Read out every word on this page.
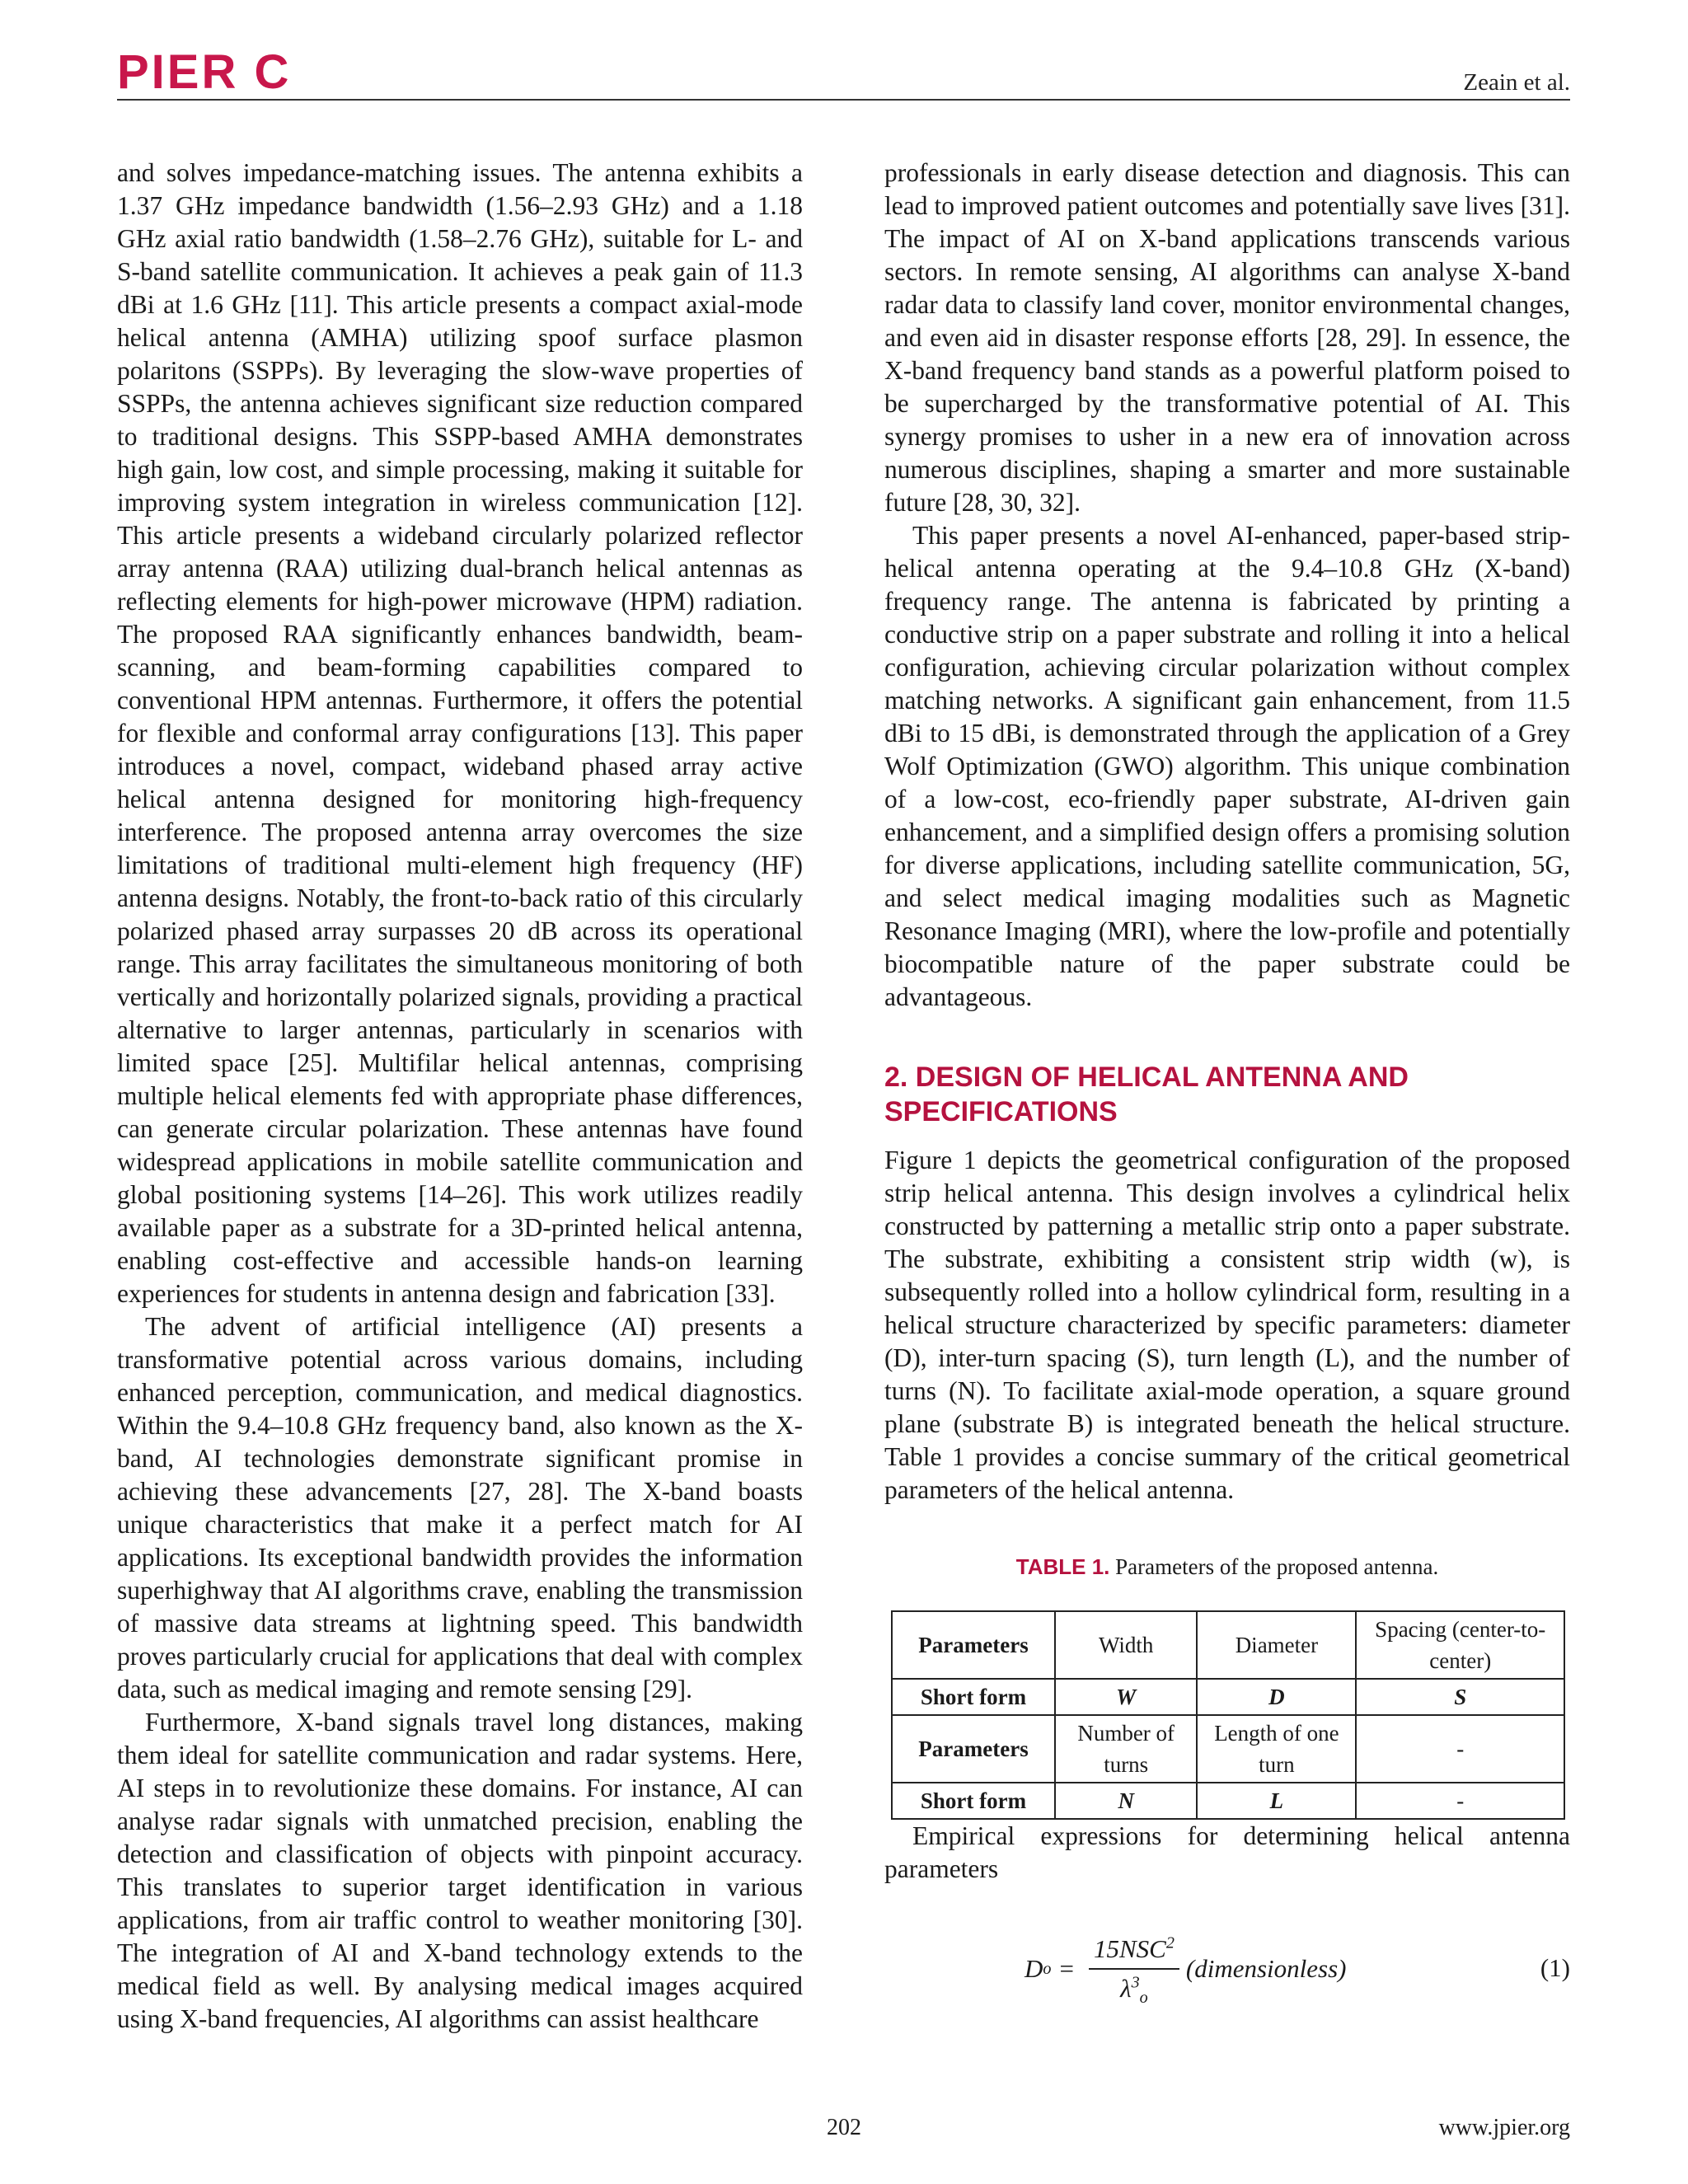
PIER C	Zeain et al.

and solves impedance-matching issues. The antenna exhibits a 1.37 GHz impedance bandwidth (1.56–2.93 GHz) and a 1.18 GHz axial ratio bandwidth (1.58–2.76 GHz), suitable for L- and S-band satellite communication. It achieves a peak gain of 11.3 dBi at 1.6 GHz [11]. This article presents a compact axial-mode helical antenna (AMHA) utilizing spoof surface plasmon polaritons (SSPPs). By leveraging the slow-wave properties of SSPPs, the antenna achieves significant size reduction compared to traditional designs. This SSPP-based AMHA demonstrates high gain, low cost, and simple processing, making it suitable for improving system integration in wireless communication [12]. This article presents a wideband circularly polarized reflector array antenna (RAA) utilizing dual-branch helical antennas as reflecting elements for high-power microwave (HPM) radiation. The proposed RAA significantly enhances bandwidth, beam-scanning, and beam-forming capabilities compared to conventional HPM antennas. Furthermore, it offers the potential for flexible and conformal array configurations [13]. This paper introduces a novel, compact, wideband phased array active helical antenna designed for monitoring high-frequency interference. The proposed antenna array overcomes the size limitations of traditional multi-element high frequency (HF) antenna designs. Notably, the front-to-back ratio of this circularly polarized phased array surpasses 20 dB across its operational range. This array facilitates the simultaneous monitoring of both vertically and horizontally polarized signals, providing a practical alternative to larger antennas, particularly in scenarios with limited space [25]. Multifilar helical antennas, comprising multiple helical elements fed with appropriate phase differences, can generate circular polarization. These antennas have found widespread applications in mobile satellite communication and global positioning systems [14–26]. This work utilizes readily available paper as a substrate for a 3D-printed helical antenna, enabling cost-effective and accessible hands-on learning experiences for students in antenna design and fabrication [33].

The advent of artificial intelligence (AI) presents a transformative potential across various domains, including enhanced perception, communication, and medical diagnostics. Within the 9.4–10.8 GHz frequency band, also known as the X-band, AI technologies demonstrate significant promise in achieving these advancements [27, 28]. The X-band boasts unique characteristics that make it a perfect match for AI applications. Its exceptional bandwidth provides the information superhighway that AI algorithms crave, enabling the transmission of massive data streams at lightning speed. This bandwidth proves particularly crucial for applications that deal with complex data, such as medical imaging and remote sensing [29].

Furthermore, X-band signals travel long distances, making them ideal for satellite communication and radar systems. Here, AI steps in to revolutionize these domains. For instance, AI can analyse radar signals with unmatched precision, enabling the detection and classification of objects with pinpoint accuracy. This translates to superior target identification in various applications, from air traffic control to weather monitoring [30]. The integration of AI and X-band technology extends to the medical field as well. By analysing medical images acquired using X-band frequencies, AI algorithms can assist healthcare

professionals in early disease detection and diagnosis. This can lead to improved patient outcomes and potentially save lives [31]. The impact of AI on X-band applications transcends various sectors. In remote sensing, AI algorithms can analyse X-band radar data to classify land cover, monitor environmental changes, and even aid in disaster response efforts [28, 29]. In essence, the X-band frequency band stands as a powerful platform poised to be supercharged by the transformative potential of AI. This synergy promises to usher in a new era of innovation across numerous disciplines, shaping a smarter and more sustainable future [28, 30, 32].

This paper presents a novel AI-enhanced, paper-based strip-helical antenna operating at the 9.4–10.8 GHz (X-band) frequency range. The antenna is fabricated by printing a conductive strip on a paper substrate and rolling it into a helical configuration, achieving circular polarization without complex matching networks. A significant gain enhancement, from 11.5 dBi to 15 dBi, is demonstrated through the application of a Grey Wolf Optimization (GWO) algorithm. This unique combination of a low-cost, eco-friendly paper substrate, AI-driven gain enhancement, and a simplified design offers a promising solution for diverse applications, including satellite communication, 5G, and select medical imaging modalities such as Magnetic Resonance Imaging (MRI), where the low-profile and potentially biocompatible nature of the paper substrate could be advantageous.

2. DESIGN OF HELICAL ANTENNA AND SPECIFICATIONS

Figure 1 depicts the geometrical configuration of the proposed strip helical antenna. This design involves a cylindrical helix constructed by patterning a metallic strip onto a paper substrate. The substrate, exhibiting a consistent strip width (w), is subsequently rolled into a hollow cylindrical form, resulting in a helical structure characterized by specific parameters: diameter (D), inter-turn spacing (S), turn length (L), and the number of turns (N). To facilitate axial-mode operation, a square ground plane (substrate B) is integrated beneath the helical structure. Table 1 provides a concise summary of the critical geometrical parameters of the helical antenna.

TABLE 1. Parameters of the proposed antenna.
Parameters	Width	Diameter	Spacing (center-to-center)
Short form	W	D	S
Parameters	Number of turns	Length of one turn	-
Short form	N	L	-

Empirical expressions for determining helical antenna parameters

D $o = \frac{15NSC^2}{\lambda^3_o}$ (dimensionless)	(1)
202	www.jpier.org
